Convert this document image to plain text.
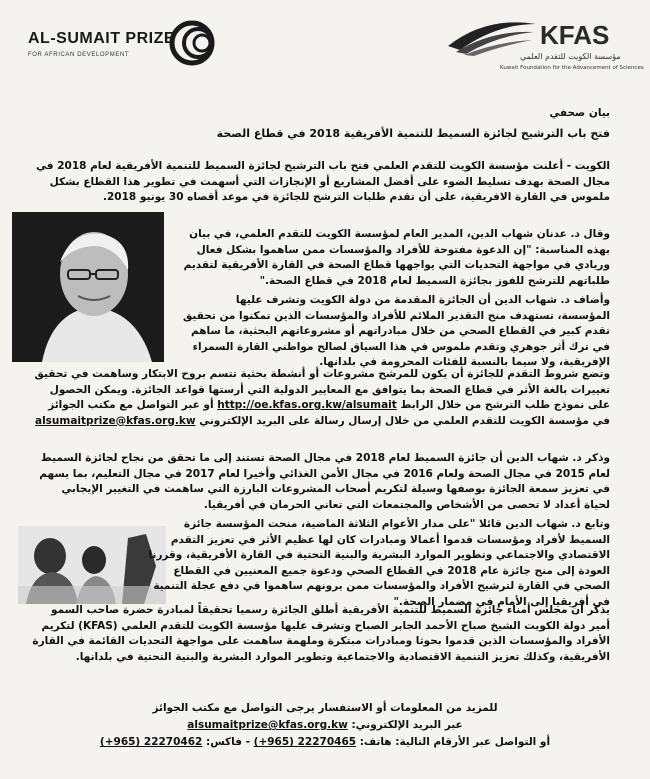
AL-SUMAIT PRIZE
FOR AFRICAN DEVELOPMENT
KFAS
مؤسسة الكويت للتقدم العلمي
Kuwait Foundation for the Advancement of Sciences
بيان صحفي
فتح باب الترشيح لجائزة السميط للتنمية الأفريقية 2018 في قطاع الصحة
الكويت - أعلنت مؤسسة الكويت للتقدم العلمي فتح باب الترشيح لجائزة السميط للتنمية الأفريقية لعام 2018 في مجال الصحة بهدف تسليط الضوء على أفضل المشاريع أو الإنجازات التي أسهمت في تطوير هذا القطاع بشكل ملموس في القارة الافريقية، على أن تقدم طلبات الترشح للجائزة في موعد أقصاه 30 يونيو 2018.
وقال د. عدنان شهاب الدين، المدير العام لمؤسسة الكويت للتقدم العلمي، في بيان بهذه المناسبة: "إن الدعوة مفتوحة للأفراد والمؤسسات ممن ساهموا بشكل فعال وريادي في مواجهة التحديات التي يواجهها قطاع الصحة في القارة الأفريقية لتقديم طلباتهم للترشح للفوز بجائزة السميط لعام 2018 في قطاع الصحة."
وأضاف د. شهاب الدين أن الجائزة المقدمة من دولة الكويت وتشرف عليها المؤسسة، تستهدف منح التقدير الملائم للأفراد والمؤسسات الذين تمكنوا من تحقيق تقدم كبير في القطاع الصحي من خلال مبادراتهم أو مشروعاتهم البحثية، ما ساهم في ترك أثر جوهري وتقدم ملموس في هذا السياق لصالح مواطني القارة السمراء الإفريقية، ولا سيما بالنسبة للفئات المحرومة في بلدانها.
وتضع شروط التقدم للجائزة أن يكون للمرشح مشروعات أو أنشطة بحثية تتسم بروح الابتكار وساهمت في تحقيق تغييرات بالغة الأثر في قطاع الصحة بما يتوافق مع المعايير الدولية التي أرستها قواعد الجائزة. ويمكن الحصول على نموذج طلب الترشح من خلال الرابط http://oe.kfas.org.kw/alsumait أو عبر التواصل مع مكتب الجوائز في مؤسسة الكويت للتقدم العلمي من خلال إرسال رسالة على البريد الإلكتروني alsumaitprize@kfas.org.kw
وذكر د. شهاب الدين أن جائزة السميط لعام 2018 في مجال الصحة تستند إلى ما تحقق من نجاح لجائزة السميط لعام 2015 في مجال الصحة ولعام 2016 في مجال الأمن الغذائي وأخيرا لعام 2017 في مجال التعليم، بما يسهم في تعزيز سمعة الجائزة بوصفها وسيلة لتكريم أصحاب المشروعات البارزة التي ساهمت في التغيير الإيجابي لحياة أعداد لا تحصى من الأشخاص والمجتمعات التي تعاني الحرمان في أفريقيا.
وتابع د. شهاب الدين قائلا "على مدار الأعوام الثلاثة الماضية، منحت المؤسسة جائزة السميط لأفراد ومؤسسات قدموا أعمالا ومبادرات كان لها عظيم الأثر في تعزيز التقدم الاقتصادي والاجتماعي وتطوير الموارد البشرية والبنية التحتية في القارة الأفريقية، وقررنا العودة إلى منح جائزة عام 2018 في القطاع الصحي ودعوة جميع المعنيين في القطاع الصحي في القارة لترشيح الأفراد والمؤسسات ممن يرونهم ساهموا في دفع عجلة التنمية في أفريقيا إلى الأمام في مضمار الصحة."
يذكر أن مجلس أمناء جائزة السميط للتنمية الأفريقية أطلق الجائزة رسميا تحقيقاً لمبادرة حضرة صاحب السمو أمير دولة الكويت الشيخ صباح الأحمد الجابر الصباح وتشرف عليها مؤسسة الكويت للتقدم العلمي (KFAS) لتكريم الأفراد والمؤسسات الذين قدموا بحوثا ومبادرات مبتكرة وملهمة ساهمت على مواجهة التحديات القائمة في القارة الأفريقية، وكذلك تعزيز التنمية الاقتصادية والاجتماعية وتطوير الموارد البشرية والبنية التحتية في بلدانها.
للمزيد من المعلومات أو الاستفسار يرجى التواصل مع مكتب الجوائز
عبر البريد الإلكتروني: alsumaitprize@kfas.org.kw
أو التواصل عبر الأرقام التالية: هاتف: (+965) 22270465 - فاكس: (+965) 22270462
